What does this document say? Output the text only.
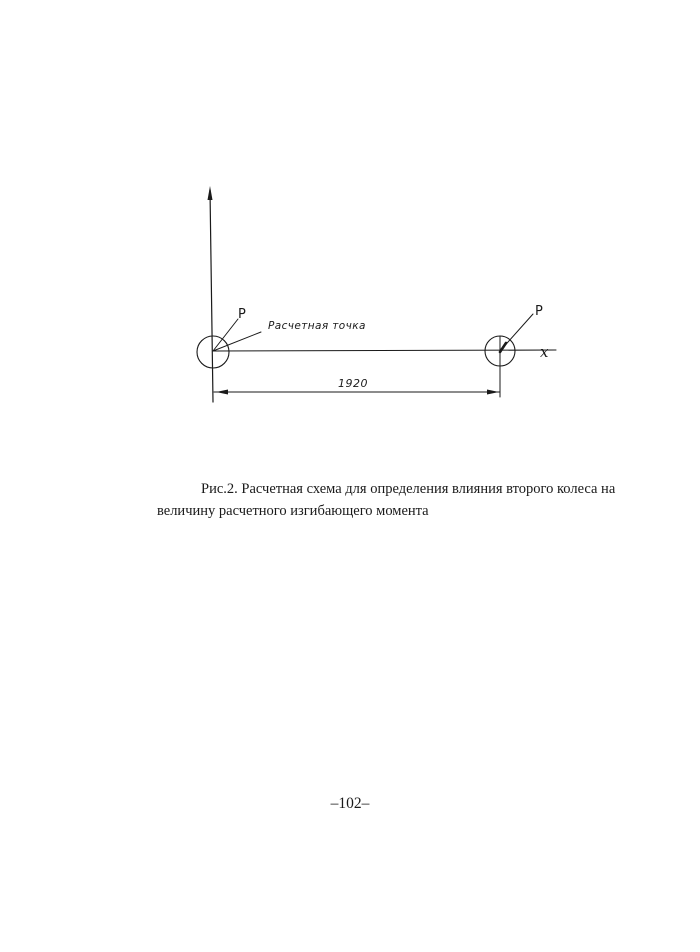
P	P
Расчетная точка
x
1920

Рис.2. Расчетная схема для определения влияния второго колеса на величину расчетного изгибающего момента

–102–
